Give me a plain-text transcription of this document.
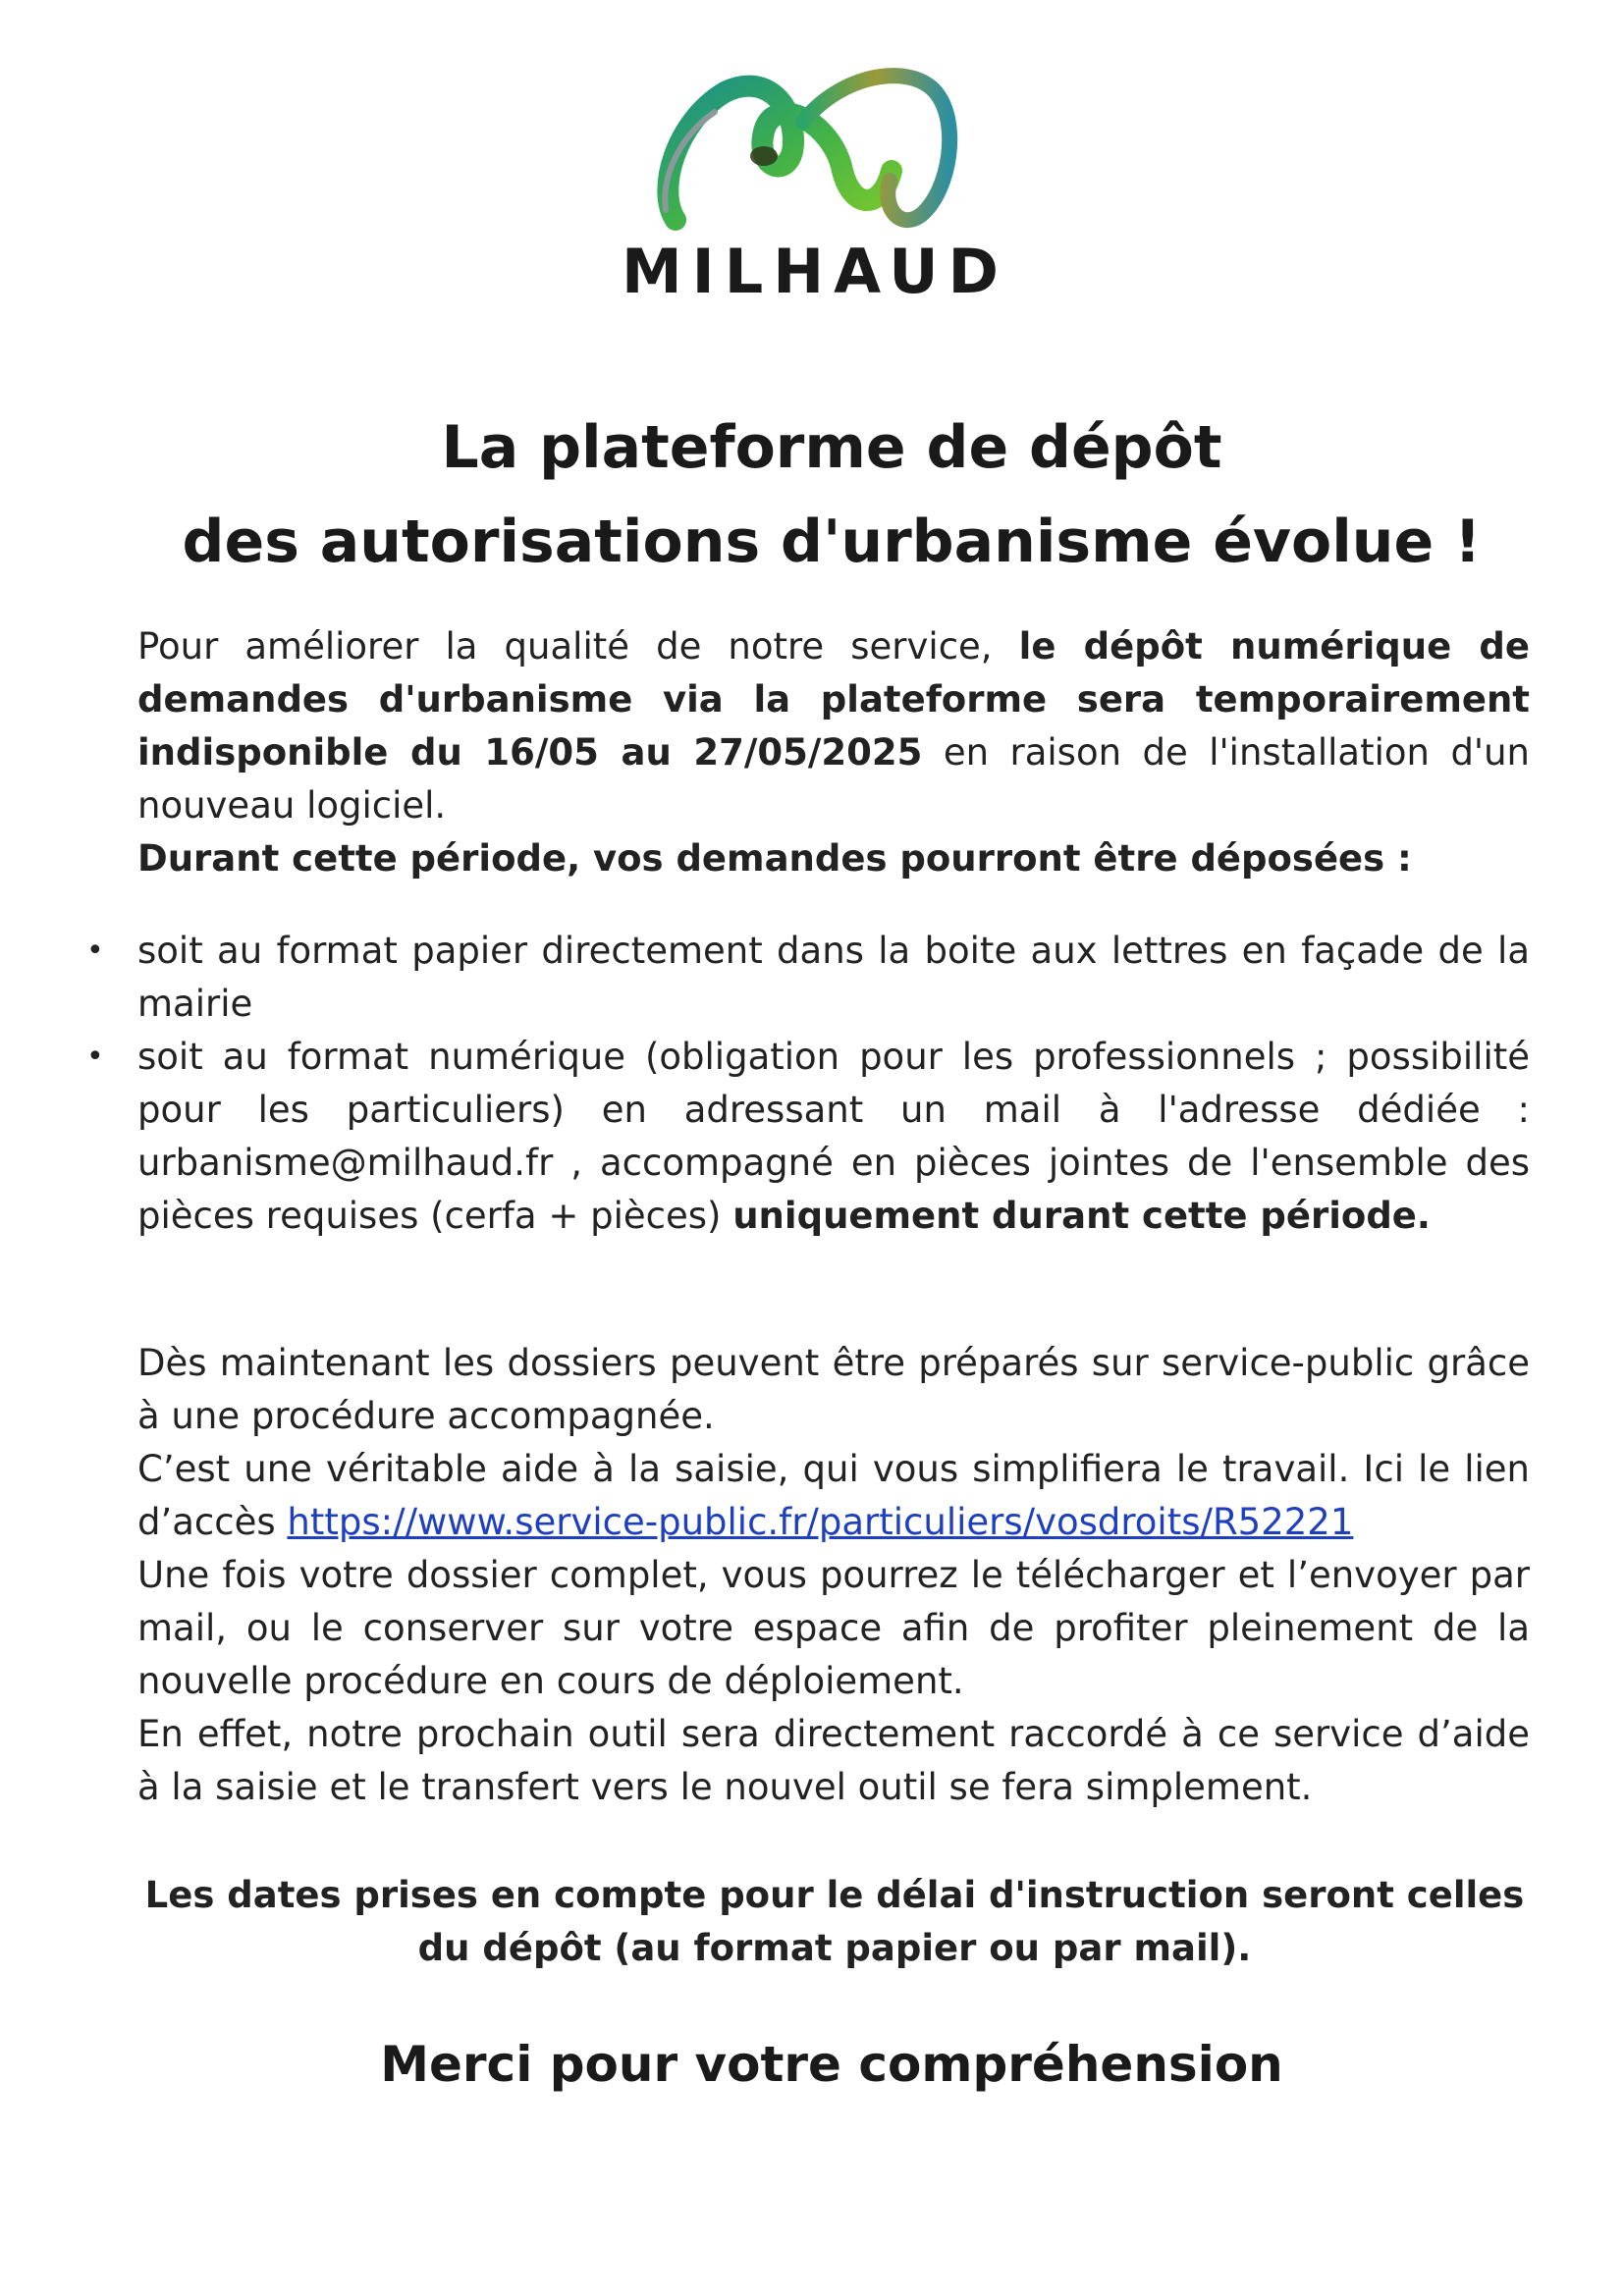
MILHAUD
La plateforme de dépôt
des autorisations d'urbanisme évolue !

Pour améliorer la qualité de notre service, le dépôt numérique de demandes d'urbanisme via la plateforme sera temporairement indisponible du 16/05 au 27/05/2025 en raison de l'installation d'un nouveau logiciel.

Durant cette période, vos demandes pourront être déposées :

• soit au format papier directement dans la boite aux lettres en façade de la mairie
• soit au format numérique (obligation pour les professionnels ; possibilité pour les particuliers) en adressant un mail à l'adresse dédiée : urbanisme@milhaud.fr , accompagné en pièces jointes de l'ensemble des pièces requises (cerfa + pièces) uniquement durant cette période.
Dès maintenant les dossiers peuvent être préparés sur service-public grâce à une procédure accompagnée.
C’est une véritable aide à la saisie, qui vous simplifiera le travail. Ici le lien d’accès https://www.service-public.fr/particuliers/vosdroits/R52221
Une fois votre dossier complet, vous pourrez le télécharger et l’envoyer par mail, ou le conserver sur votre espace afin de profiter pleinement de la nouvelle procédure en cours de déploiement.
En effet, notre prochain outil sera directement raccordé à ce service d’aide à la saisie et le transfert vers le nouvel outil se fera simplement.

Les dates prises en compte pour le délai d'instruction seront celles du dépôt (au format papier ou par mail).

Merci pour votre compréhension
